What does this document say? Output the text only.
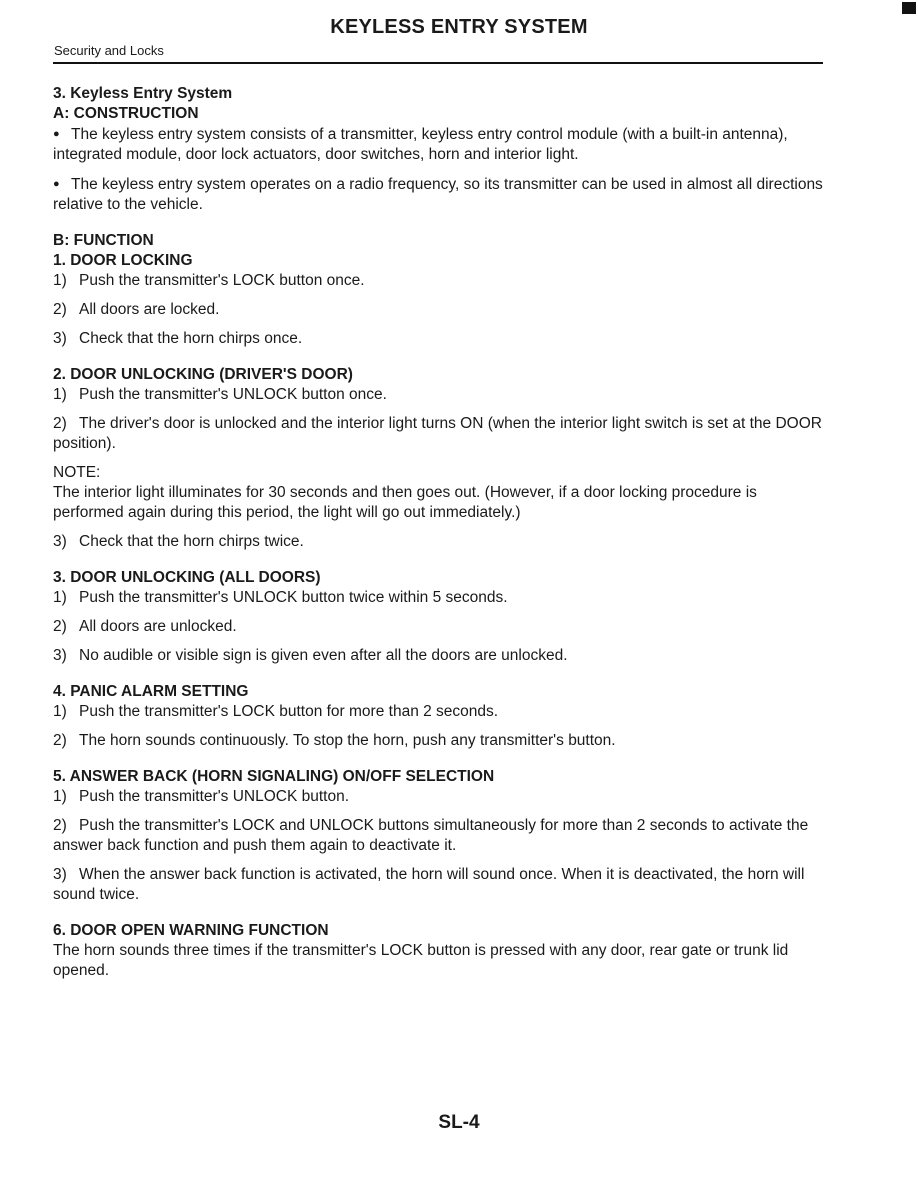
KEYLESS ENTRY SYSTEM
Security and Locks

3. Keyless Entry System

A: CONSTRUCTION

● The keyless entry system consists of a transmitter, keyless entry control module (with a built-in antenna), integrated module, door lock actuators, door switches, horn and interior light.

● The keyless entry system operates on a radio frequency, so its transmitter can be used in almost all directions relative to the vehicle.

B: FUNCTION

1. DOOR LOCKING

1) Push the transmitter's LOCK button once.

2) All doors are locked.

3) Check that the horn chirps once.

2. DOOR UNLOCKING (DRIVER'S DOOR)

1) Push the transmitter's UNLOCK button once.

2) The driver's door is unlocked and the interior light turns ON (when the interior light switch is set at the DOOR position).

NOTE:

The interior light illuminates for 30 seconds and then goes out. (However, if a door locking procedure is performed again during this period, the light will go out immediately.)

3) Check that the horn chirps twice.

3. DOOR UNLOCKING (ALL DOORS)

1) Push the transmitter's UNLOCK button twice within 5 seconds.

2) All doors are unlocked.

3) No audible or visible sign is given even after all the doors are unlocked.

4. PANIC ALARM SETTING

1) Push the transmitter's LOCK button for more than 2 seconds.

2) The horn sounds continuously. To stop the horn, push any transmitter's button.

5. ANSWER BACK (HORN SIGNALING) ON/OFF SELECTION

1) Push the transmitter's UNLOCK button.

2) Push the transmitter's LOCK and UNLOCK buttons simultaneously for more than 2 seconds to activate the answer back function and push them again to deactivate it.

3) When the answer back function is activated, the horn will sound once. When it is deactivated, the horn will sound twice.

6. DOOR OPEN WARNING FUNCTION

The horn sounds three times if the transmitter's LOCK button is pressed with any door, rear gate or trunk lid opened.

SL-4
